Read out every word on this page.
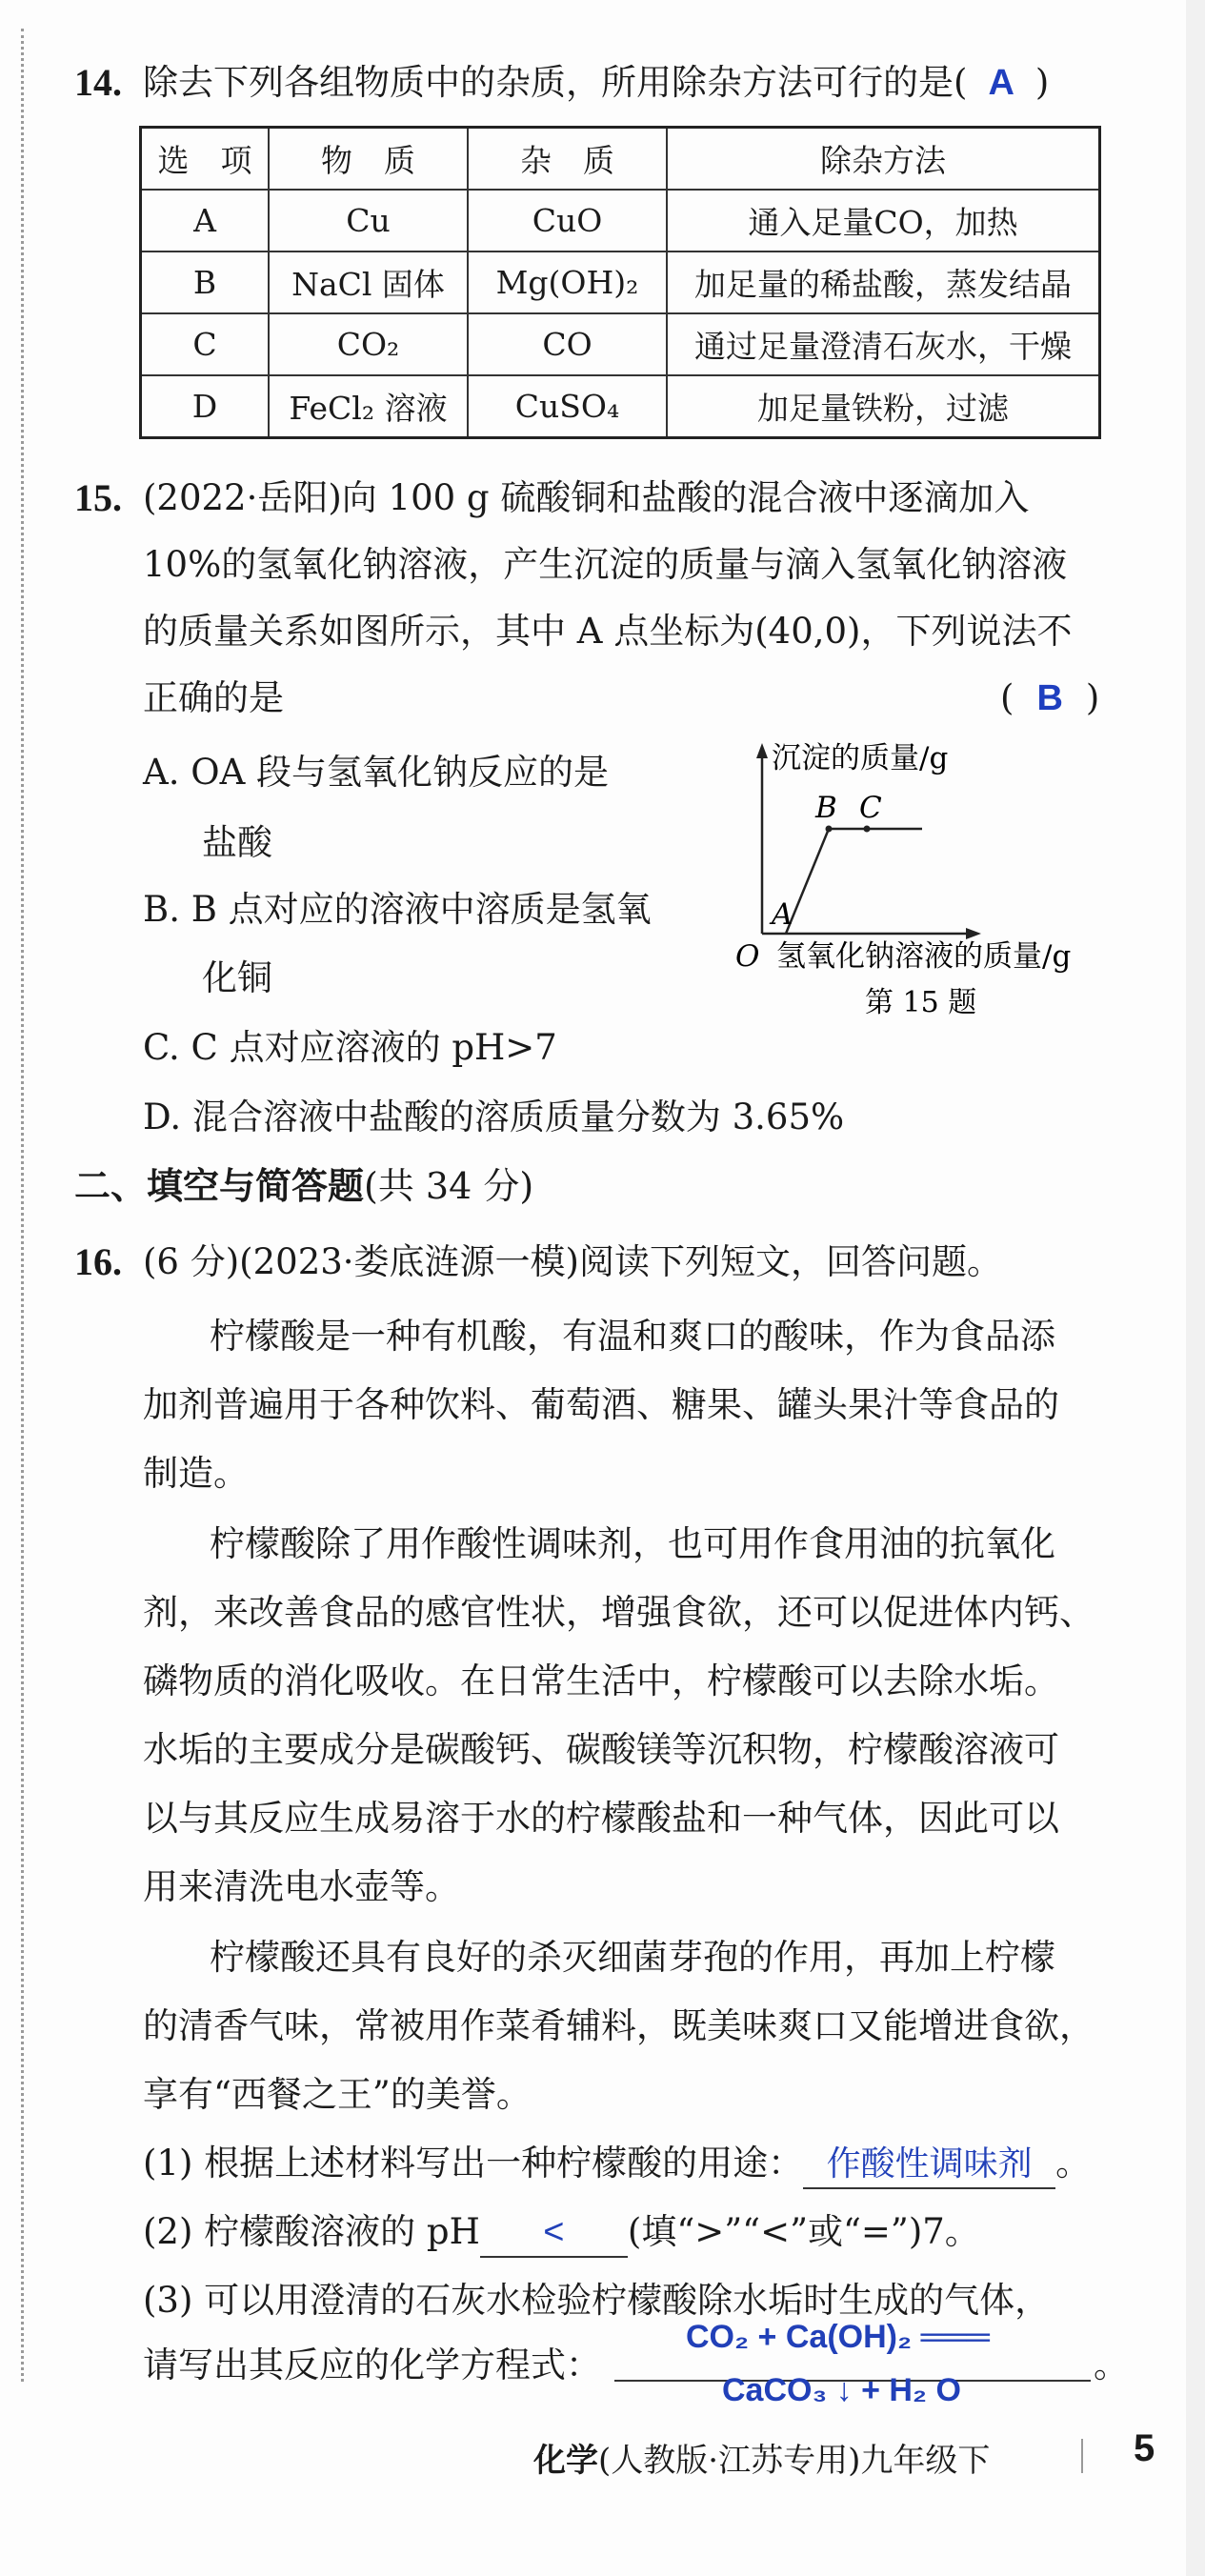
14. 除去下列各组物质中的杂质，所用除杂方法可行的是( A )
选　项	物　质	杂　质	除杂方法
A	Cu	CuO	通入足量CO，加热
B	NaCl 固体	Mg(OH)₂	加足量的稀盐酸，蒸发结晶
C	CO₂	CO	通过足量澄清石灰水，干燥
D	FeCl₂ 溶液	CuSO₄	加足量铁粉，过滤
15. (2022·岳阳)向 100 g 硫酸铜和盐酸的混合液中逐滴加入
10%的氢氧化钠溶液，产生沉淀的质量与滴入氢氧化钠溶液
的质量关系如图所示，其中 A 点坐标为(40,0)，下列说法不
正确的是	( B )
A. OA 段与氢氧化钠反应的是
盐酸
B. B 点对应的溶液中溶质是氢氧
化铜
C. C 点对应溶液的 pH>7
D. 混合溶液中盐酸的溶质质量分数为 3.65%
沉淀的质量/g
B C
A
O 氢氧化钠溶液的质量/g
第 15 题
二、填空与简答题(共 34 分)
16. (6 分)(2023·娄底涟源一模)阅读下列短文，回答问题。
柠檬酸是一种有机酸，有温和爽口的酸味，作为食品添
加剂普遍用于各种饮料、葡萄酒、糖果、罐头果汁等食品的
制造。
柠檬酸除了用作酸性调味剂，也可用作食用油的抗氧化
剂，来改善食品的感官性状，增强食欲，还可以促进体内钙、
磷物质的消化吸收。在日常生活中，柠檬酸可以去除水垢。
水垢的主要成分是碳酸钙、碳酸镁等沉积物，柠檬酸溶液可
以与其反应生成易溶于水的柠檬酸盐和一种气体，因此可以
用来清洗电水壶等。
柠檬酸还具有良好的杀灭细菌芽孢的作用，再加上柠檬
的清香气味，常被用作菜肴辅料，既美味爽口又能增进食欲，
享有“西餐之王”的美誉。
(1) 根据上述材料写出一种柠檬酸的用途： 作酸性调味剂 。
(2) 柠檬酸溶液的 pH < (填“>”“<”或“=”)7。
(3) 可以用澄清的石灰水检验柠檬酸除水垢时生成的气体，
请写出其反应的化学方程式：
CO₂ + Ca(OH)₂ ═══
CaCO₃ ↓ + H₂ O
。
化学(人教版·江苏专用)九年级下	5
